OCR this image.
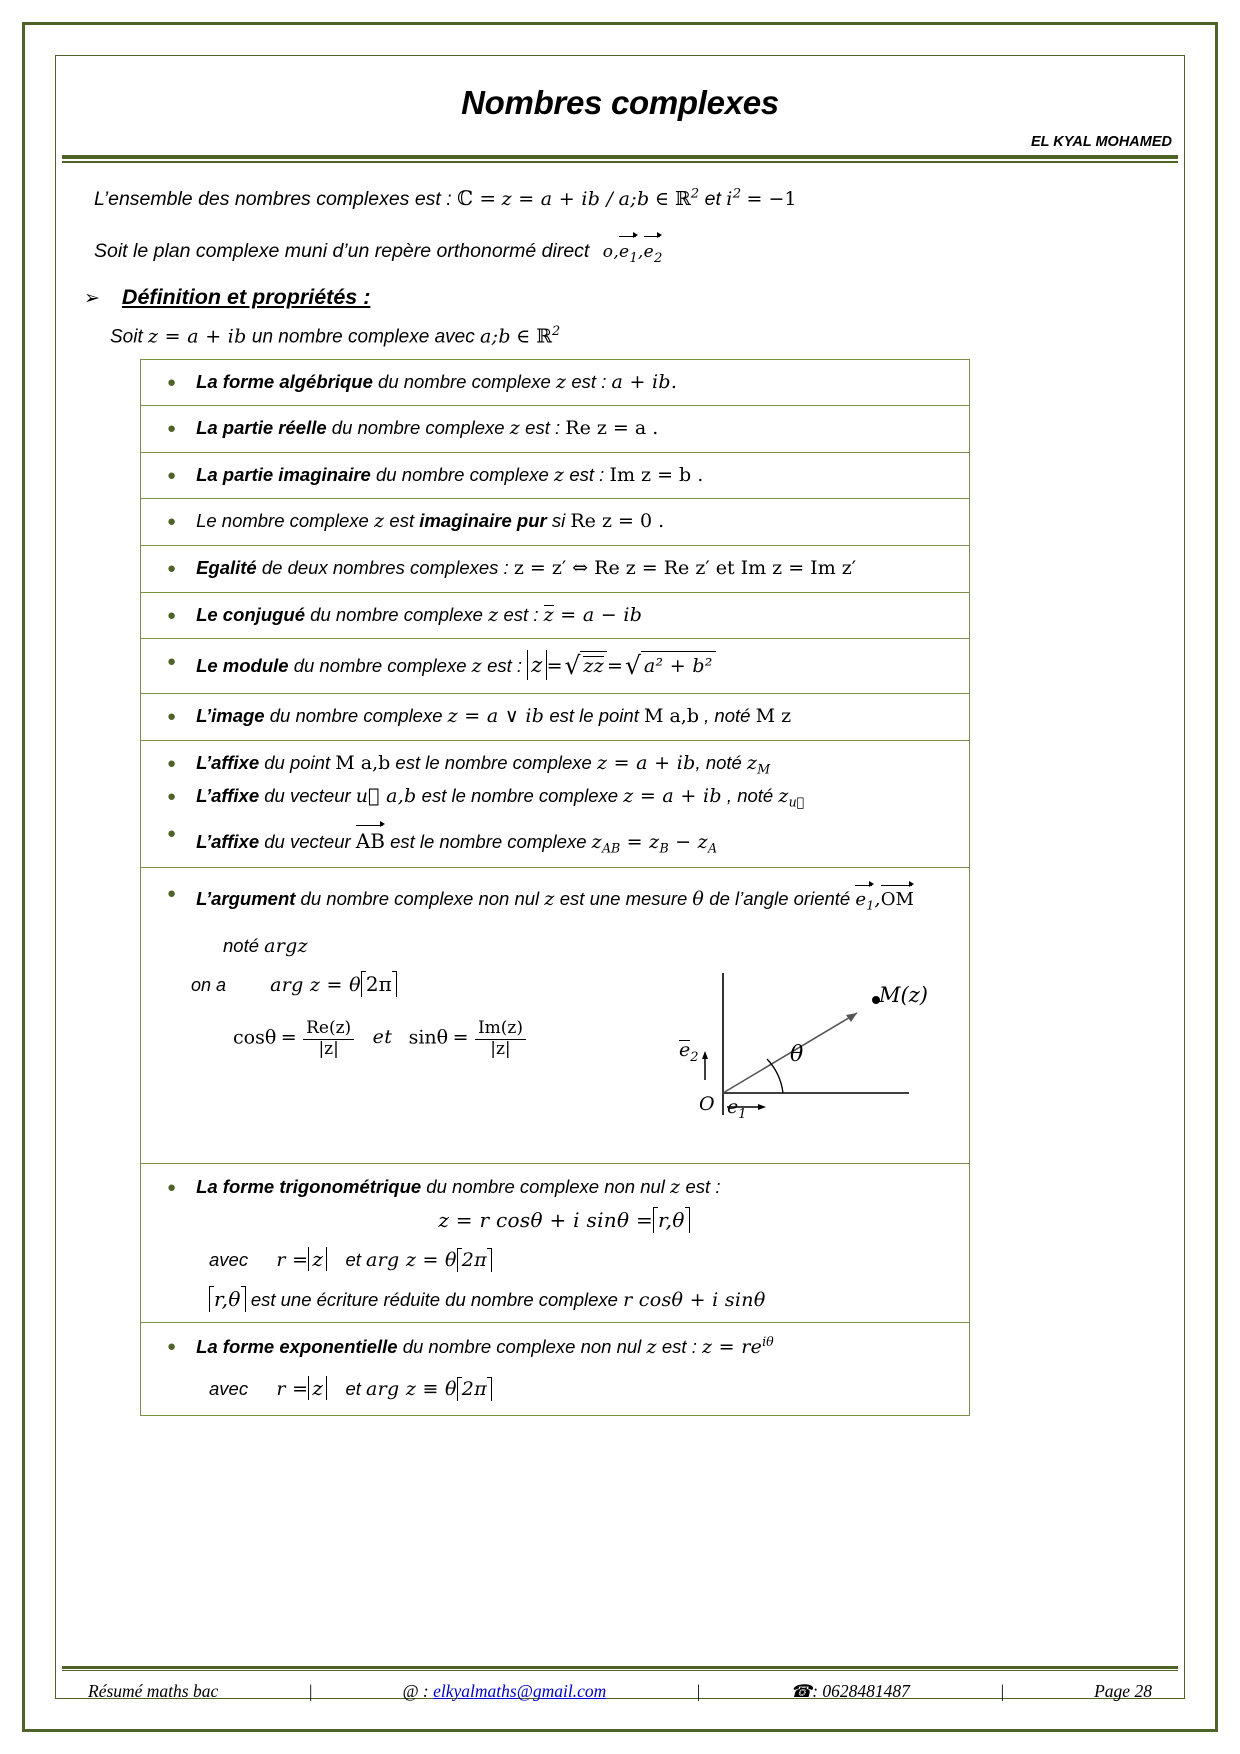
Nombres complexes
EL KYAL MOHAMED
L’ensemble des nombres complexes est : ℂ = z = a + ib / a;b ∈ ℝ$^2$ et $i^2 = -1$
Soit le plan complexe muni d’un repère orthonormé direct $o,e_1,e_2$
➢ Définition et propriétés :
Soit z = a + ib un nombre complexe avec a;b ∈ ℝ$^2$
● La forme algébrique du nombre complexe z est : a + ib.
● La partie réelle du nombre complexe z est : Re z = a .
● La partie imaginaire du nombre complexe z est : Im z = b .
● Le nombre complexe z est imaginaire pur si Re z = 0 .
● Egalité de deux nombres complexes : z = z′ ⇔ Re z = Re z′ et Im z = Im z′
● Le conjugué du nombre complexe z est : z = a − ib
● Le module du nombre complexe z est : z =√ zz =√ a² + b²
● L’image du nombre complexe z = a ∨ ib est le point M a,b , noté M z
● L’affixe du point M a,b est le nombre complexe z = a + ib, noté $z_M$
● L’affixe du vecteur u⃗ a,b est le nombre complexe z = a + ib , noté $z_{u⃗}$
● L’affixe du vecteur AB est le nombre complexe $z_{AB} = z_B - z_A$
● L’argument du nombre complexe non nul z est une mesure θ de l’angle orienté $e_1,OM$
noté argz
on a arg z = θ 2π
$\cos\theta = \frac{Re(z)}{|z|}$ et $\sin\theta = \frac{Im(z)}{|z|}$
M(z)
θ
$e_2$
$e_1$
O
● La forme trigonométrique du nombre complexe non nul z est :
z = r cosθ + i sinθ = r,θ
avec r = z et arg z = θ 2π
r,θ est une écriture réduite du nombre complexe r cosθ + i sinθ
● La forme exponentielle du nombre complexe non nul z est : $z = re^{i\theta}$
avec r = z et arg z ≡ θ 2π
Résumé maths bac	|	@ : elkyalmaths@gmail.com	|	☎: 0628481487	|	Page 28
